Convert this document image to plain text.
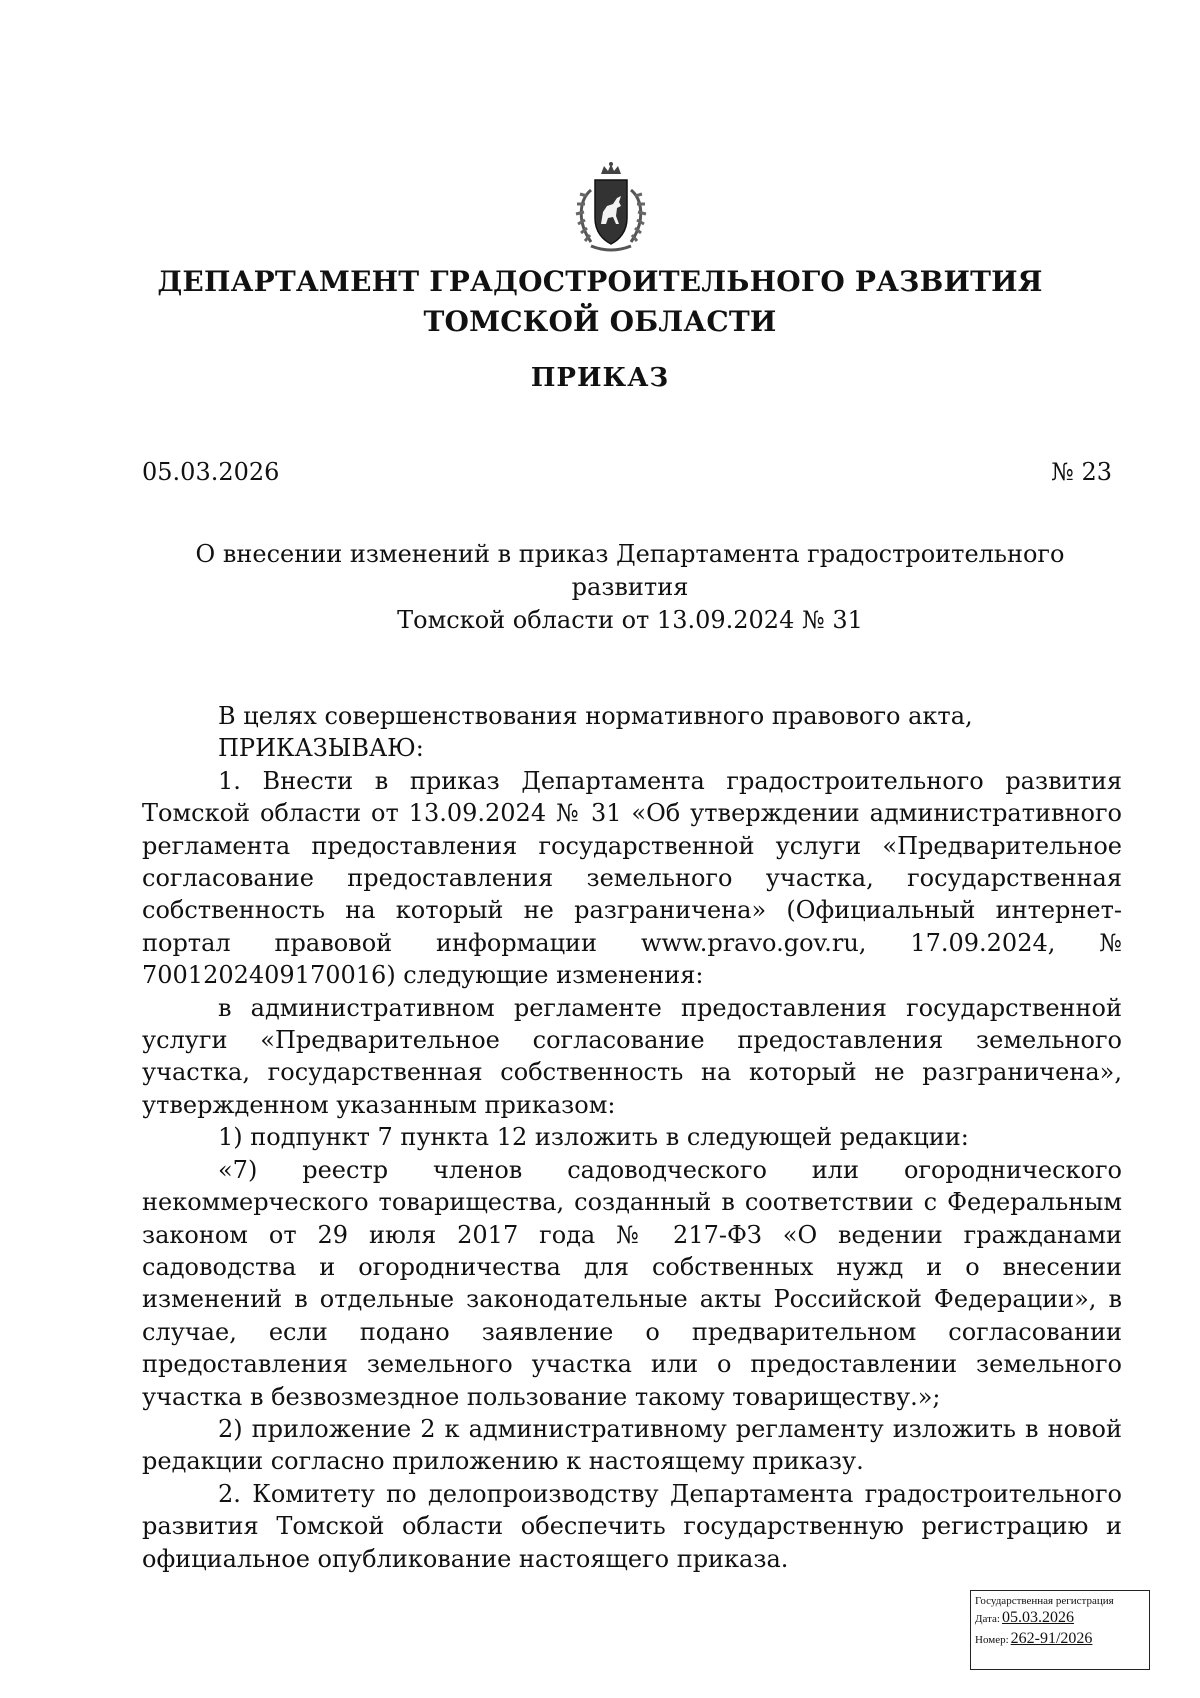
ДЕПАРТАМЕНТ ГРАДОСТРОИТЕЛЬНОГО РАЗВИТИЯ
ТОМСКОЙ ОБЛАСТИ
ПРИКАЗ
05.03.2026	№ 23
О внесении изменений в приказ Департамента градостроительного развития
Томской области от 13.09.2024 № 31

В целях совершенствования нормативного правового акта,

ПРИКАЗЫВАЮ:

1. Внести в приказ Департамента градостроительного развития Томской области от 13.09.2024 № 31 «Об утверждении административного регламента предоставления государственной услуги «Предварительное согласование предоставления земельного участка, государственная собственность на который не разграничена» (Официальный интернет-портал правовой информации www.pravo.gov.ru, 17.09.2024, № 7001202409170016) следующие изменения:

в административном регламенте предоставления государственной услуги «Предварительное согласование предоставления земельного участка, государственная собственность на который не разграничена», утвержденном указанным приказом:

1) подпункт 7 пункта 12 изложить в следующей редакции:

«7) реестр членов садоводческого или огороднического некоммерческого товарищества, созданный в соответствии с Федеральным законом от 29 июля 2017 года № 217-ФЗ «О ведении гражданами садоводства и огородничества для собственных нужд и о внесении изменений в отдельные законодательные акты Российской Федерации», в случае, если подано заявление о предварительном согласовании предоставления земельного участка или о предоставлении земельного участка в безвозмездное пользование такому товариществу.»;

2) приложение 2 к административному регламенту изложить в новой редакции согласно приложению к настоящему приказу.

2. Комитету по делопроизводству Департамента градостроительного развития Томской области обеспечить государственную регистрацию и официальное опубликование настоящего приказа.

Государственная регистрация
Дата: 05.03.2026
Номер: 262-91/2026
